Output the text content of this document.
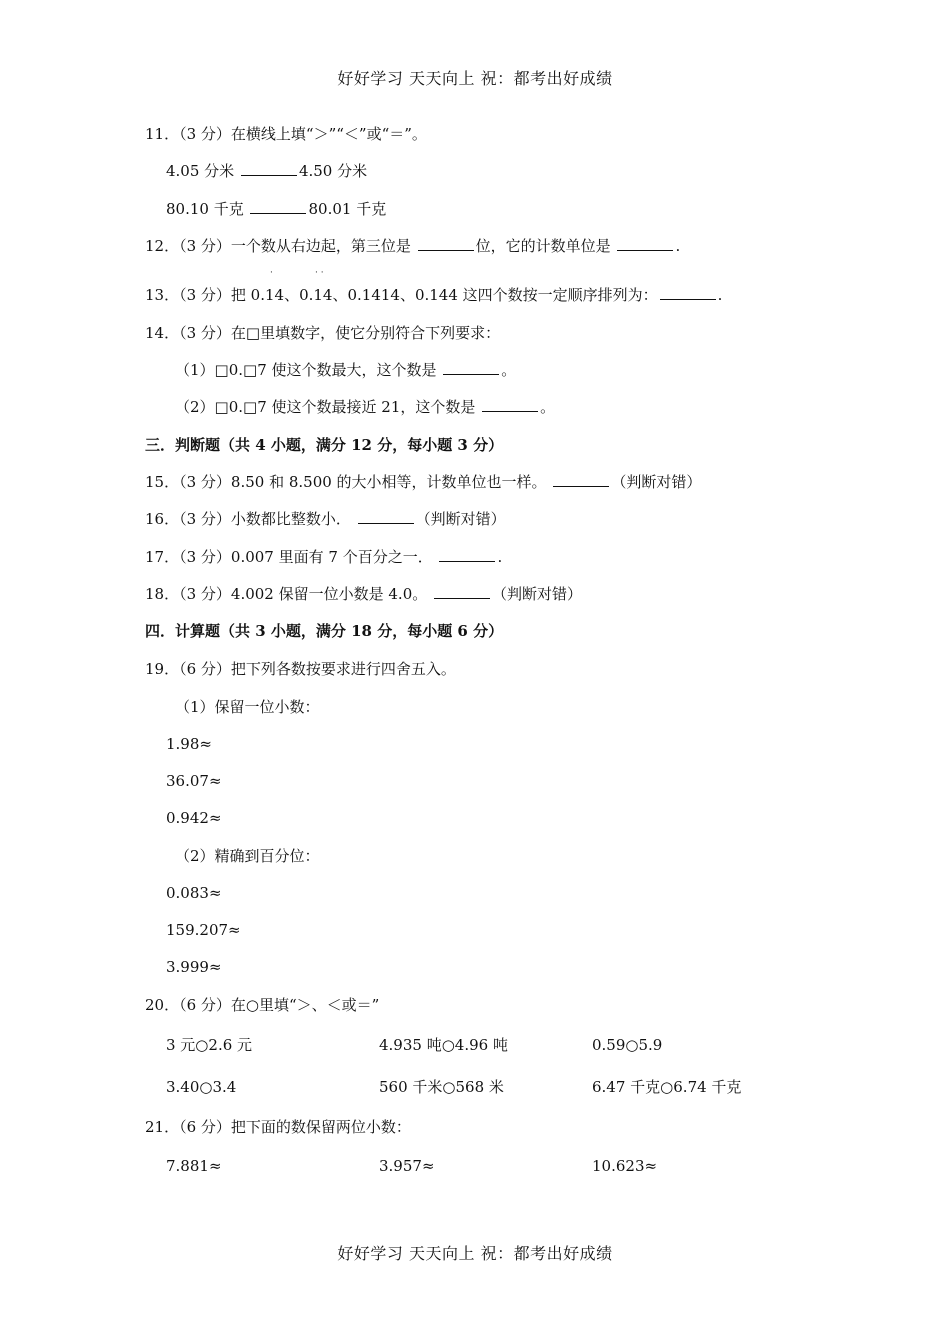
好好学习 天天向上 祝：都考出好成绩
11．（3 分）在横线上填“＞”“＜”或“＝”。
4.05 分米	4.50 分米
80.10 千克	80.01 千克
12．（3 分）一个数从右边起，第三位是	位，它的计数单位是	.
·	· ·
13．（3 分）把 0.14、0.14、0.1414、0.144 这四个数按一定顺序排列为：	.
14．（3 分）在□里填数字，使它分别符合下列要求：
（1）□0.□7 使这个数最大，这个数是	。
（2）□0.□7 使这个数最接近 21，这个数是	。
三．判断题（共 4 小题，满分 12 分，每小题 3 分）
15．（3 分）8.50 和 8.500 的大小相等，计数单位也一样。	（判断对错）
16．（3 分）小数都比整数小．	（判断对错）
17．（3 分）0.007 里面有 7 个百分之一．	.
18．（3 分）4.002 保留一位小数是 4.0。	（判断对错）
四．计算题（共 3 小题，满分 18 分，每小题 6 分）
19．（6 分）把下列各数按要求进行四舍五入。
（1）保留一位小数：
1.98≈
36.07≈
0.942≈
（2）精确到百分位：
0.083≈
159.207≈
3.999≈
20．（6 分）在○里填“＞、＜或＝”
3 元○2.6 元	4.935 吨○4.96 吨	0.59○5.9
3.40○3.4	560 千米○568 米	6.47 千克○6.74 千克
21．（6 分）把下面的数保留两位小数：
7.881≈	3.957≈	10.623≈
好好学习 天天向上 祝：都考出好成绩
